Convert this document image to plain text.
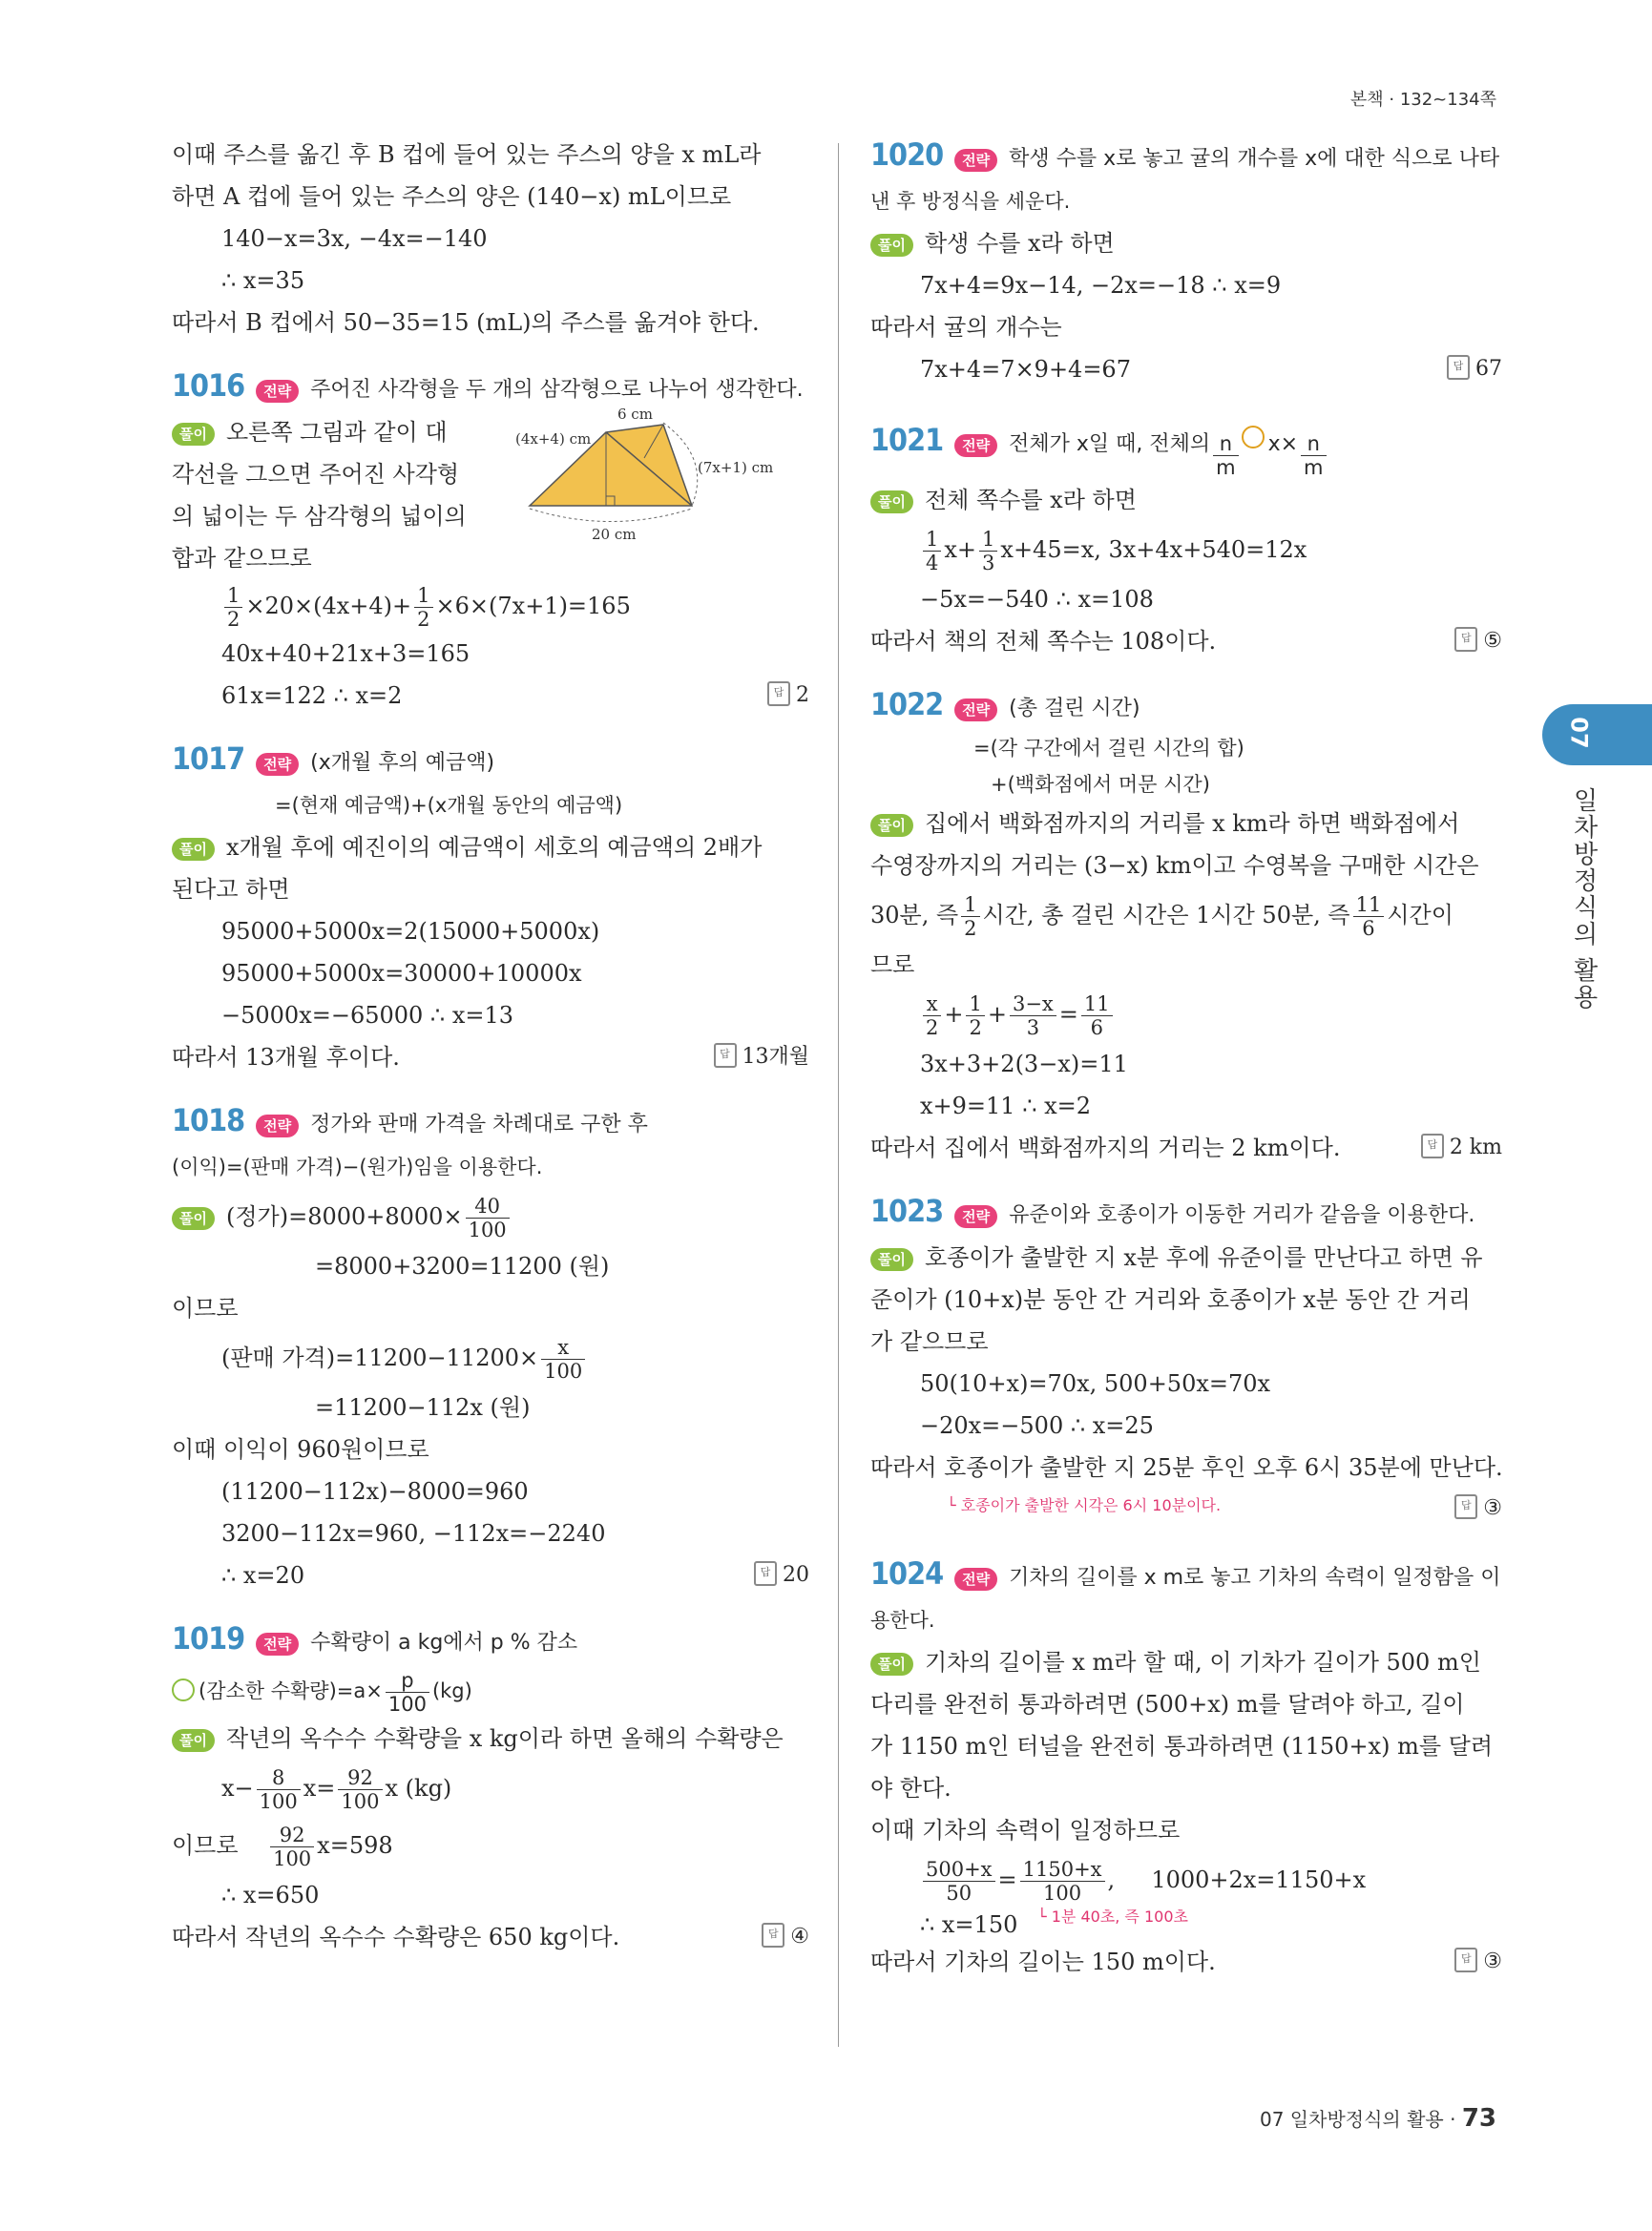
본책 · 132~134쪽
07
일차방정식의 활용
이때 주스를 옮긴 후 B 컵에 들어 있는 주스의 양을 x mL라
하면 A 컵에 들어 있는 주스의 양은 (140−x) mL이므로
140−x=3x, −4x=−140
∴ x=35
따라서 B 컵에서 50−35=15 (mL)의 주스를 옮겨야 한다.
1016	전략 주어진 사각형을 두 개의 삼각형으로 나누어 생각한다.
풀이 오른쪽 그림과 같이 대
각선을 그으면 주어진 사각형
의 넓이는 두 삼각형의 넓이의
합과 같으므로
6 cm
(4x+4) cm
(7x+1) cm
20 cm
$\frac{1}{2} \times 20\times(4x+4)+ \frac{1}{2} \times 6\times(7x+1)=165$
40x+40+21x+3=165
61x=122 ∴ x=2	답 2
1017	전략 (x개월 후의 예금액)
=(현재 예금액)+(x개월 동안의 예금액)
풀이 x개월 후에 예진이의 예금액이 세호의 예금액의 2배가
된다고 하면
95000+5000x=2(15000+5000x)
95000+5000x=30000+10000x
−5000x=−65000 ∴ x=13
따라서 13개월 후이다.	답 13개월
1018	전략 정가와 판매 가격을 차례대로 구한 후
(이익)=(판매 가격)−(원가)임을 이용한다.
풀이 (정가)$=8000+8000\times \frac{40}{100}$
=8000+3200=11200 (원)
이므로
(판매 가격)$=11200-11200\times \frac{x}{100}$
=11200−112x (원)
이때 이익이 960원이므로
(11200−112x)−8000=960
3200−112x=960, −112x=−2240
∴ x=20	답 20
1019	전략 수확량이 a kg에서 p % 감소
(감소한 수확량)$=a\times \frac{p}{100} (kg)$
풀이 작년의 옥수수 수확량을 x kg이라 하면 올해의 수확량은
$x- \frac{8}{100} x= \frac{92}{100}$ x (kg)
이므로 $\frac{92}{100} x=598$
∴ x=650
따라서 작년의 옥수수 수확량은 650 kg이다.	답 ④
1020	전략 학생 수를 x로 놓고 귤의 개수를 x에 대한 식으로 나타
낸 후 방정식을 세운다.
풀이 학생 수를 x라 하면
7x+4=9x−14, −2x=−18 ∴ x=9
따라서 귤의 개수는
7x+4=7×9+4=67	답 67
1021	전략 전체가 x일 때, 전체의 $\frac{n}{m} x\times \frac{n}{m}$
풀이 전체 쪽수를 x라 하면
$\frac{1}{4} x+ \frac{1}{3} x+45=x$, 3x+4x+540=12x
−5x=−540 ∴ x=108
따라서 책의 전체 쪽수는 108이다.	답 ⑤
1022	전략 (총 걸린 시간)
=(각 구간에서 걸린 시간의 합)
+(백화점에서 머문 시간)
풀이 집에서 백화점까지의 거리를 x km라 하면 백화점에서
수영장까지의 거리는 (3−x) km이고 수영복을 구매한 시간은
30분, 즉 $\frac{1}{2}$ 시간, 총 걸린 시간은 1시간 50분, 즉 $\frac{11}{6}$ 시간이
므로
$\frac{x}{2} + \frac{1}{2} + \frac{3-x}{3} = \frac{11}{6}$
3x+3+2(3−x)=11
x+9=11 ∴ x=2
따라서 집에서 백화점까지의 거리는 2 km이다.	답 2 km
1023	전략 유준이와 호종이가 이동한 거리가 같음을 이용한다.
풀이 호종이가 출발한 지 x분 후에 유준이를 만난다고 하면 유
준이가 (10+x)분 동안 간 거리와 호종이가 x분 동안 간 거리
가 같으므로
50(10+x)=70x, 500+50x=70x
−20x=−500 ∴ x=25
따라서 호종이가 출발한 지 25분 후인 오후 6시 35분에 만난다.
└ 호종이가 출발한 시각은 6시 10분이다.	답 ③
1024	전략 기차의 길이를 x m로 놓고 기차의 속력이 일정함을 이
용한다.
풀이 기차의 길이를 x m라 할 때, 이 기차가 길이가 500 m인
다리를 완전히 통과하려면 (500+x) m를 달려야 하고, 길이
가 1150 m인 터널을 완전히 통과하려면 (1150+x) m를 달려
야 한다.
이때 기차의 속력이 일정하므로
$\frac{500+x}{50} = \frac{1150+x}{100}$ ,     1000+2x=1150+x
∴ x=150 └ 1분 40초, 즉 100초
따라서 기차의 길이는 150 m이다.	답 ③
07 일차방정식의 활용 · 73
